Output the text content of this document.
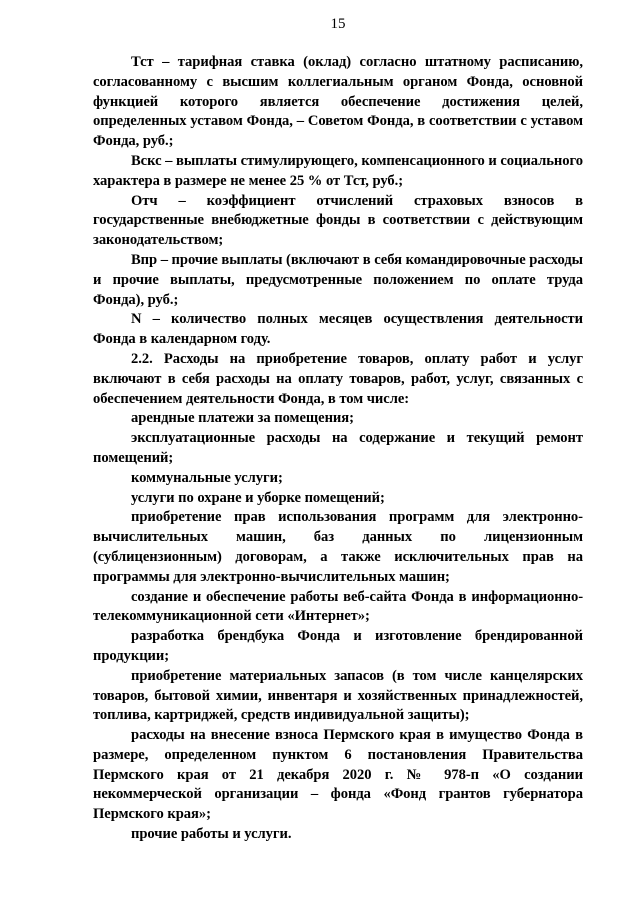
15

Тст – тарифная ставка (оклад) согласно штатному расписанию, согласованному с высшим коллегиальным органом Фонда, основной функцией которого является обеспечение достижения целей, определенных уставом Фонда, – Советом Фонда, в соответствии с уставом Фонда, руб.;

Вскс – выплаты стимулирующего, компенсационного и социального характера в размере не менее 25 % от Тст, руб.;

Отч – коэффициент отчислений страховых взносов в государственные внебюджетные фонды в соответствии с действующим законодательством;

Впр – прочие выплаты (включают в себя командировочные расходы и прочие выплаты, предусмотренные положением по оплате труда Фонда), руб.;

N – количество полных месяцев осуществления деятельности Фонда в календарном году.

2.2. Расходы на приобретение товаров, оплату работ и услуг включают в себя расходы на оплату товаров, работ, услуг, связанных с обеспечением деятельности Фонда, в том числе:

арендные платежи за помещения;

эксплуатационные расходы на содержание и текущий ремонт помещений;

коммунальные услуги;

услуги по охране и уборке помещений;

приобретение прав использования программ для электронно-вычислительных машин, баз данных по лицензионным (сублицензионным) договорам, а также исключительных прав на программы для электронно-вычислительных машин;

создание и обеспечение работы веб-сайта Фонда в информационно-телекоммуникационной сети «Интернет»;

разработка брендбука Фонда и изготовление брендированной продукции;

приобретение материальных запасов (в том числе канцелярских товаров, бытовой химии, инвентаря и хозяйственных принадлежностей, топлива, картриджей, средств индивидуальной защиты);

расходы на внесение взноса Пермского края в имущество Фонда в размере, определенном пунктом 6 постановления Правительства Пермского края от 21 декабря 2020 г. № 978-п «О создании некоммерческой организации – фонда «Фонд грантов губернатора Пермского края»;

прочие работы и услуги.
